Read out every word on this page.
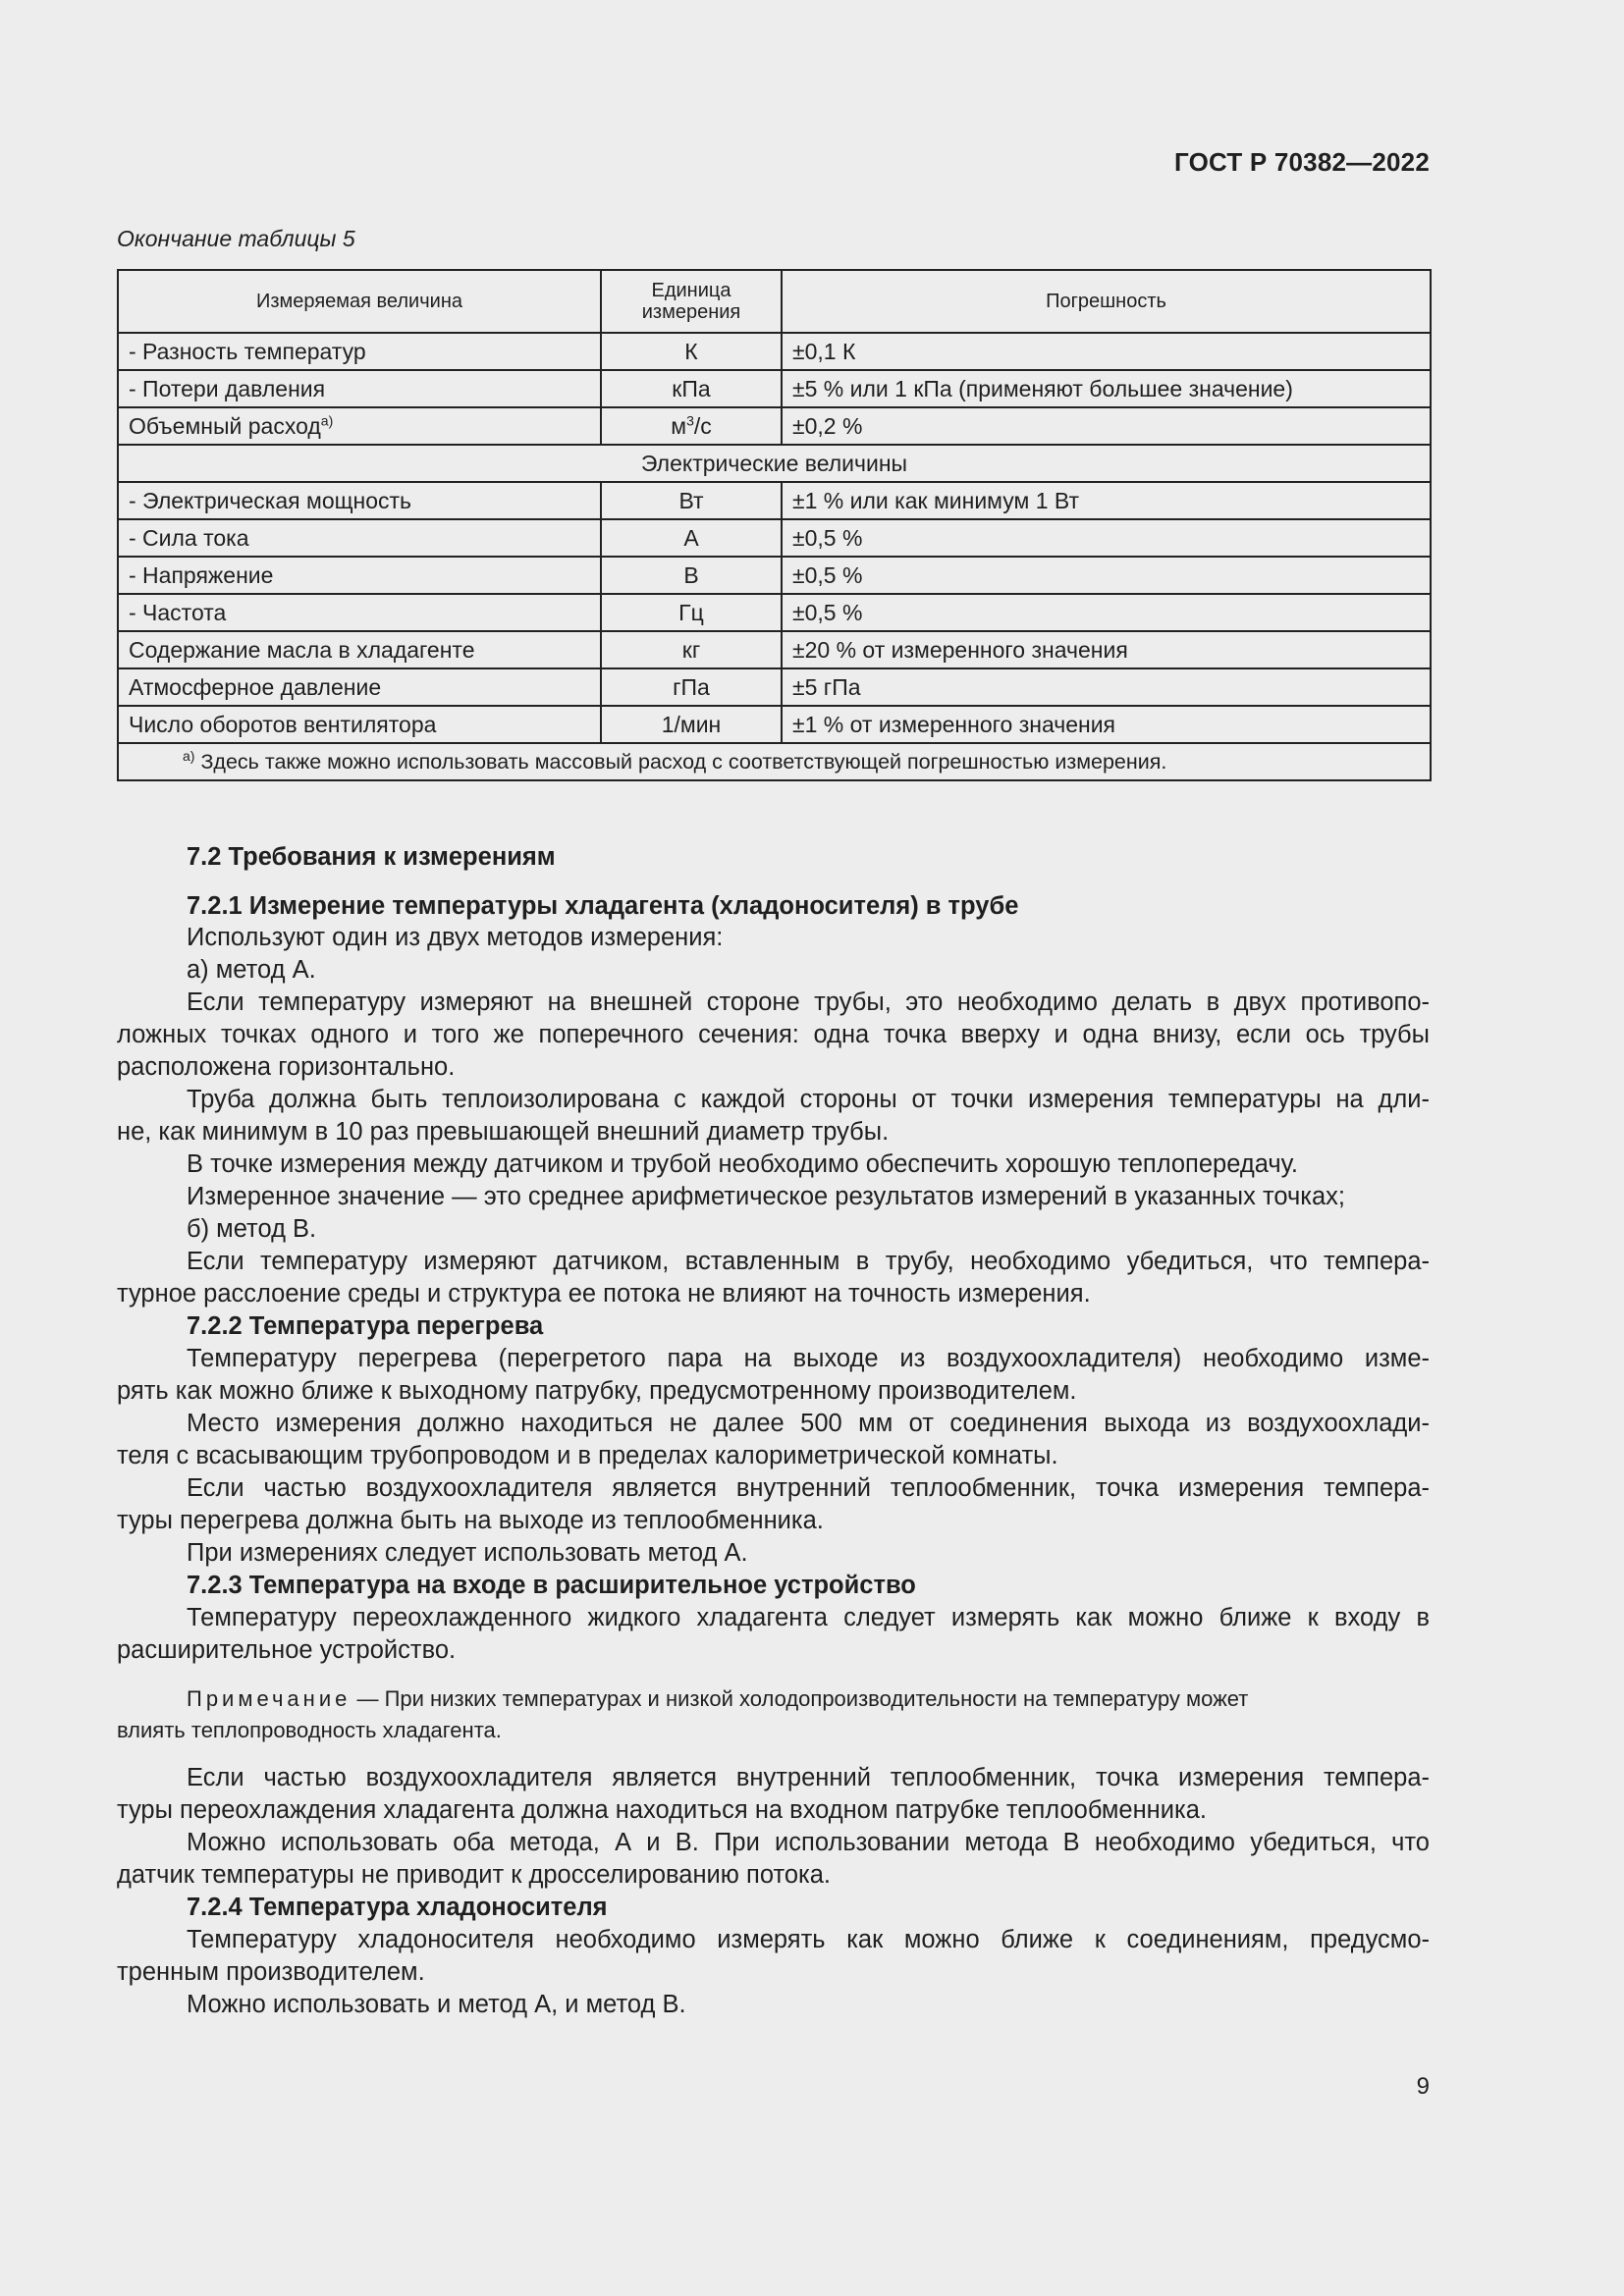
ГОСТ Р 70382—2022
Окончание таблицы 5
Измеряемая величина	Единица измерения	Погрешность
- Разность температур	К	±0,1 К
- Потери давления	кПа	±5 % или 1 кПа (применяют большее значение)
Объемный расход$^{a)}$	$м^3/с$	±0,2 %
Электрические величины		
- Электрическая мощность	Вт	±1 % или как минимум 1 Вт
- Сила тока	А	±0,5 %
- Напряжение	В	±0,5 %
- Частота	Гц	±0,5 %
Содержание масла в хладагенте	кг	±20 % от измеренного значения
Атмосферное давление	гПа	±5 гПа
Число оборотов вентилятора	1/мин	±1 % от измеренного значения
$^{a)}$ Здесь также можно использовать массовый расход с соответствующей погрешностью измерения.		
7.2 Требования к измерениям
7.2.1 Измерение температуры хладагента (хладоносителя) в трубе
Используют один из двух методов измерения:
а) метод А.
Если температуру измеряют на внешней стороне трубы, это необходимо делать в двух противопо-
ложных точках одного и того же поперечного сечения: одна точка вверху и одна внизу, если ось трубы
расположена горизонтально.
Труба должна быть теплоизолирована с каждой стороны от точки измерения температуры на дли-
не, как минимум в 10 раз превышающей внешний диаметр трубы.
В точке измерения между датчиком и трубой необходимо обеспечить хорошую теплопередачу.
Измеренное значение — это среднее арифметическое результатов измерений в указанных точках;
б) метод В.
Если температуру измеряют датчиком, вставленным в трубу, необходимо убедиться, что темпера-
турное расслоение среды и структура ее потока не влияют на точность измерения.
7.2.2 Температура перегрева
Температуру перегрева (перегретого пара на выходе из воздухоохладителя) необходимо изме-
рять как можно ближе к выходному патрубку, предусмотренному производителем.
Место измерения должно находиться не далее 500 мм от соединения выхода из воздухоохлади-
теля с всасывающим трубопроводом и в пределах калориметрической комнаты.
Если частью воздухоохладителя является внутренний теплообменник, точка измерения темпера-
туры перегрева должна быть на выходе из теплообменника.
При измерениях следует использовать метод А.
7.2.3 Температура на входе в расширительное устройство
Температуру переохлажденного жидкого хладагента следует измерять как можно ближе к входу в
расширительное устройство.
Примечание — При низких температурах и низкой холодопроизводительности на температуру может
влиять теплопроводность хладагента.
Если частью воздухоохладителя является внутренний теплообменник, точка измерения темпера-
туры переохлаждения хладагента должна находиться на входном патрубке теплообменника.
Можно использовать оба метода, А и В. При использовании метода В необходимо убедиться, что
датчик температуры не приводит к дросселированию потока.
7.2.4 Температура хладоносителя
Температуру хладоносителя необходимо измерять как можно ближе к соединениям, предусмо-
тренным производителем.
Можно использовать и метод А, и метод В.
9
